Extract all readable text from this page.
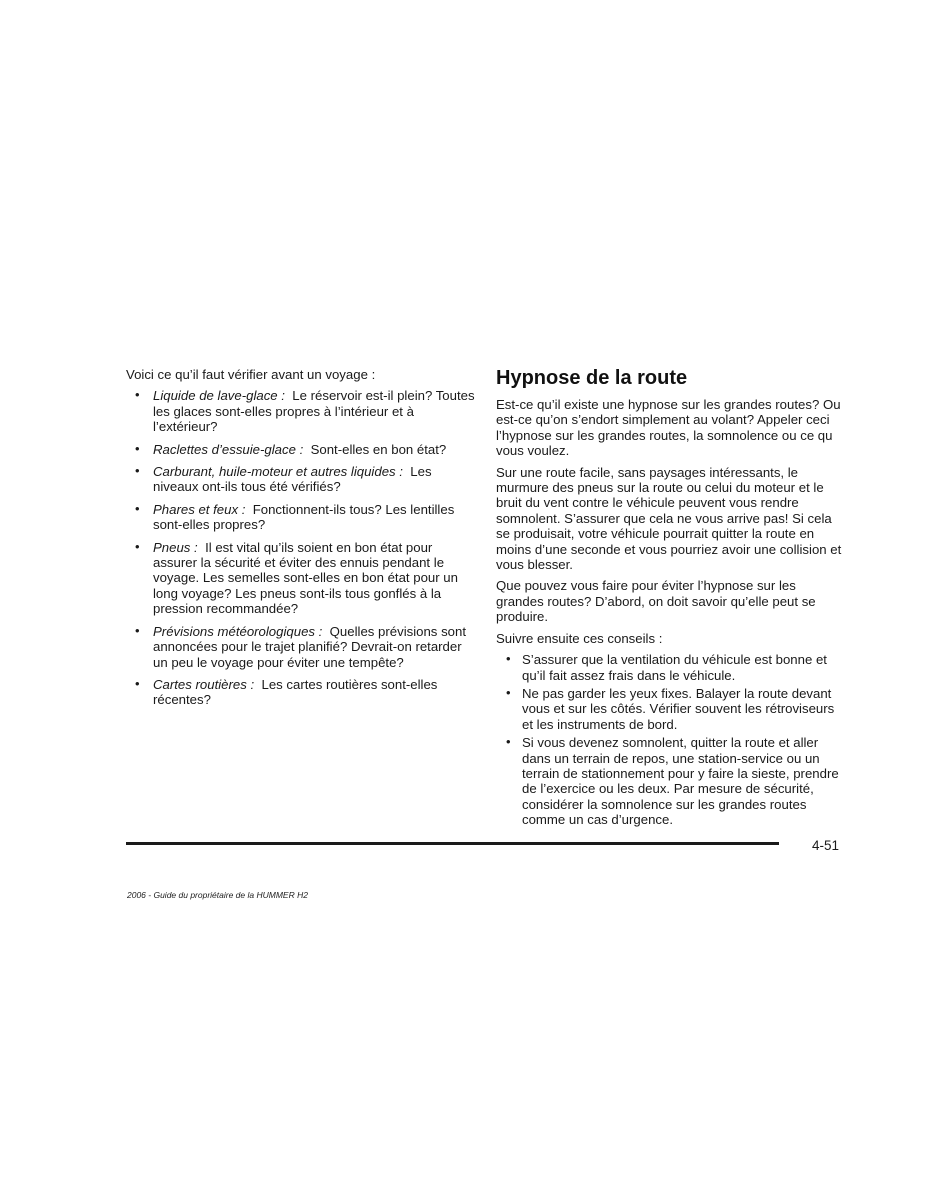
Voici ce qu’il faut vérifier avant un voyage :

• Liquide de lave-glace : Le réservoir est-il plein? Toutes les glaces sont-elles propres à l’intérieur et à l’extérieur?
• Raclettes d’essuie-glace : Sont-elles en bon état?
• Carburant, huile-moteur et autres liquides : Les niveaux ont-ils tous été vérifiés?
• Phares et feux : Fonctionnent-ils tous? Les lentilles sont-elles propres?
• Pneus : Il est vital qu’ils soient en bon état pour assurer la sécurité et éviter des ennuis pendant le voyage. Les semelles sont-elles en bon état pour un long voyage? Les pneus sont-ils tous gonflés à la pression recommandée?
• Prévisions météorologiques : Quelles prévisions sont annoncées pour le trajet planifié? Devrait-on retarder un peu le voyage pour éviter une tempête?
• Cartes routières : Les cartes routières sont-elles récentes?
Hypnose de la route

Est-ce qu’il existe une hypnose sur les grandes routes? Ou est-ce qu’on s’endort simplement au volant? Appeler ceci l’hypnose sur les grandes routes, la somnolence ou ce qu vous voulez.

Sur une route facile, sans paysages intéressants, le murmure des pneus sur la route ou celui du moteur et le bruit du vent contre le véhicule peuvent vous rendre somnolent. S’assurer que cela ne vous arrive pas! Si cela se produisait, votre véhicule pourrait quitter la route en moins d’une seconde et vous pourriez avoir une collision et vous blesser.

Que pouvez vous faire pour éviter l’hypnose sur les grandes routes? D’abord, on doit savoir qu’elle peut se produire.

Suivre ensuite ces conseils :

• S’assurer que la ventilation du véhicule est bonne et qu’il fait assez frais dans le véhicule.
• Ne pas garder les yeux fixes. Balayer la route devant vous et sur les côtés. Vérifier souvent les rétroviseurs et les instruments de bord.
• Si vous devenez somnolent, quitter la route et aller dans un terrain de repos, une station-service ou un terrain de stationnement pour y faire la sieste, prendre de l’exercice ou les deux. Par mesure de sécurité, considérer la somnolence sur les grandes routes comme un cas d’urgence.
4-51
2006 - Guide du propriétaire de la HUMMER H2
